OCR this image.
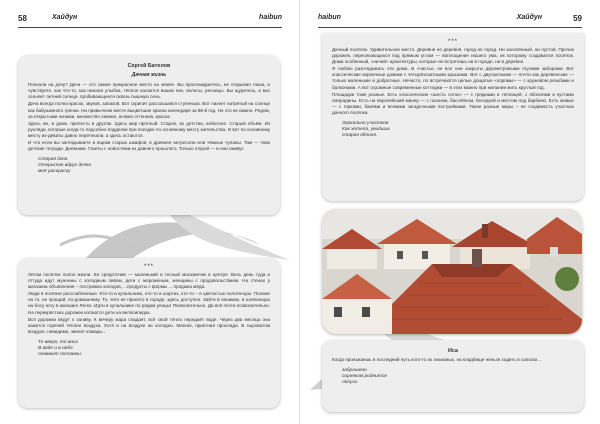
58	Хайдун	haibun
Сергей Бателов
Дачная жизнь

Поехали на дачу? Дача — это самое прекрасное место на земле. Вы прохлаждаетесь, не открывая глаза, и чувствуете, как что-то, как нежная улыбка, тёплое касается ваших век, волосы, ресницы. Вы щуритесь, и вас осеняет летний солнце, пробивающееся сквозь пышную сень.

Дача всегда полна красок, звуков, запахов. Вот скрипит рассохшаяся ступенька. Вот пахнет натретый на солнце как бабушкиного гренки. На привычном месте выцветшие краски календаря за 86-й год. Но это не важно. Рядом, за открытыми окнами, множество свежих, всяких оттенков, красок.

Здесь же, в доме, прелесть в другом. Здесь мир прятный. Старое, из детства, небесное. Старый объём. Из рухляди, которые когда-то подсобно-подделки при поездке по основному месту жительства. И вот по основному месту из-деваты давно перетекали, а здесь остаются.

И что если вы заглядываете в ящики старых шкафов, в древнее антресоли или тёмные чуланы. Там — твои детские тетради. Дневники. Газеты с новостями из давнего прошлого. Только открой — и они оживут.

Старая дача
Открытая вдруг дочка
моё раскраску
***

Летом посёлок полон жизни. Ее средоточие — маленький и тесный магазинчик в центре. Весь день туда и оттуда идут мужчины с холодным пивом, дети с мороженым, женщины с продовольствием. На стенах у магазина объявления – пострижка холодов, ...продукты с фермы ... продажа мёда.

Люди в посёлке расслабленные. Кто-то в купальнике, кто-то в шортах, кто-то – в цветастых полотенцах. Похоже на то, не прощай, по-домашнему. То, чего не принято в городе, здесь доступно. Зайти в панамах, в шлёпанцах на босу ногу в магазин! Легко. Идти в купальнике по рядам улицы! Позволительно. Да всё почти позволительно. На перекрёстках дорожек катаются дети на велосипедах.

Вся дорожки ведут к заливу. К вечеру жара спадает, всё свой тепло передаёт воде. Через два месяца она кажется горячей тёплее воздуха. Хотя и на воздухе не холодно. Мягкая, приятная прохлада. В сыроватом воздухе, невидимо, звенят комары...

То вверх, то вниз
В воде и в небе
плавают поплавки.
haibun	Хайдун	59
***

Дачный посёлок. Удивительное место. Деревня не деревня, город не город. Ни заселённый, ни пустой. Прочих дорожек, пересекающихся под прямым углом — воплощение нашего ума, их которому создавался посёлок. Дома особенный, «ничей» архитектуры, которые не встретишь ни в городе, ни в деревне.

Я люблю разглядывать эти дома. В счастье, не все они закрыты двухметровыми глухими заборами. Вот классические кирпичные домики с четырёхскатными крышами. Вот с двускатными — почти как деревенские — только маленькие и добротные. Нечасто, по встречаются целые дощатые «хоромы» — с кружевом резьбами и балконами. А вот огромные современные коттеджи — в этих можно при желании жить круглый год.

Площадки тоже разные. Есть классические «шесть соток» — с грядками и теплицей, с яблонями и кустами смородины. Есть на европейский манер — с газоном, бассейном, беседкой и местом под барбекю. Есть живые — с горками, банями и всякими загадочными постройками. Такие разные миры – не сходимость участках дачного посёлка.

Зеркально участков
Как хотела, увидишь
старая яблоня.
Иса

Когда проезжаешь в последний путь кого-то из знакомых, на кладбище нельзя ходить в сапогах...

заброшено
сорняком роднится
лопухи
